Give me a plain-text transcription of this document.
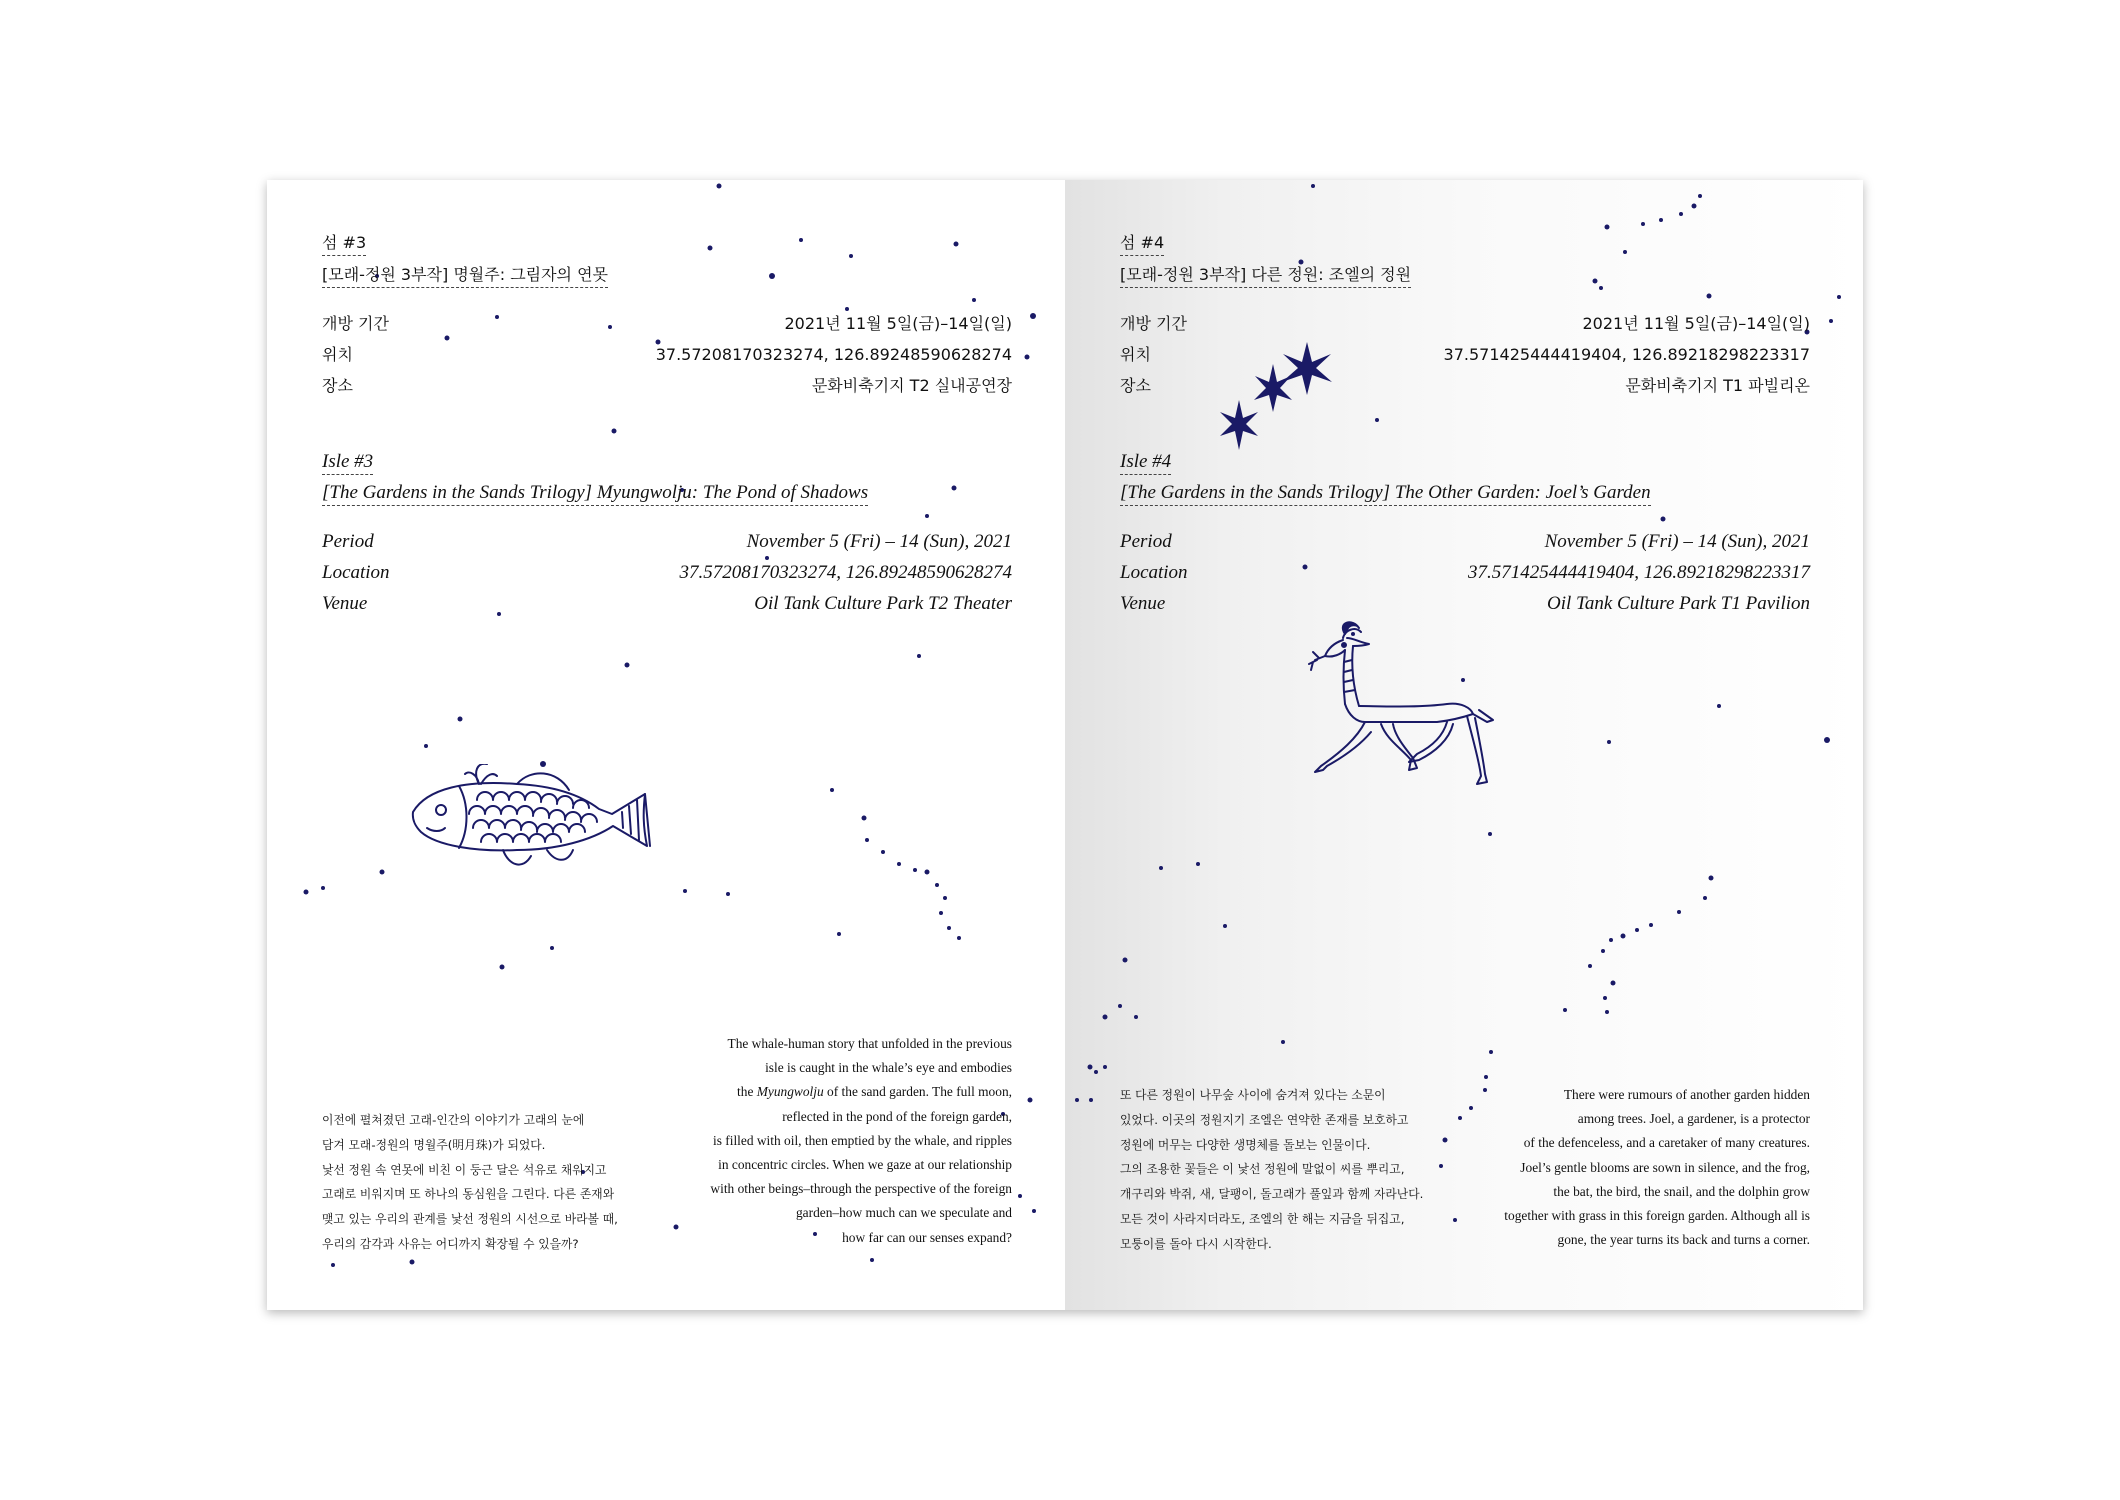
섬 #3
[모래-정원 3부작] 명월주: 그림자의 연못
개방 기간	2021년 11월 5일(금)–14일(일)
위치	37.57208170323274, 126.89248590628274
장소	문화비축기지 T2 실내공연장
Isle #3
[The Gardens in the Sands Trilogy] Myungwolju: The Pond of Shadows
Period	November 5 (Fri) – 14 (Sun), 2021
Location	37.57208170323274, 126.89248590628274
Venue	Oil Tank Culture Park T2 Theater
이전에 펼쳐졌던 고래-인간의 이야기가 고래의 눈에
담겨 모래-정원의 명월주(明月珠)가 되었다.
낯선 정원 속 연못에 비친 이 둥근 달은 석유로 채워지고
고래로 비워지며 또 하나의 동심원을 그린다. 다른 존재와
맺고 있는 우리의 관계를 낯선 정원의 시선으로 바라볼 때,
우리의 감각과 사유는 어디까지 확장될 수 있을까?
The whale-human story that unfolded in the previous
isle is caught in the whale’s eye and embodies
the Myungwolju of the sand garden. The full moon,
reflected in the pond of the foreign garden,
is filled with oil, then emptied by the whale, and ripples
in concentric circles. When we gaze at our relationship
with other beings–through the perspective of the foreign
garden–how much can we speculate and
how far can our senses expand?
섬 #4
[모래-정원 3부작] 다른 정원: 조엘의 정원
개방 기간	2021년 11월 5일(금)–14일(일)
위치	37.571425444419404, 126.89218298223317
장소	문화비축기지 T1 파빌리온
Isle #4
[The Gardens in the Sands Trilogy] The Other Garden: Joel’s Garden
Period	November 5 (Fri) – 14 (Sun), 2021
Location	37.571425444419404, 126.89218298223317
Venue	Oil Tank Culture Park T1 Pavilion
또 다른 정원이 나무숲 사이에 숨겨져 있다는 소문이
있었다. 이곳의 정원지기 조엘은 연약한 존재를 보호하고
정원에 머무는 다양한 생명체를 돌보는 인물이다.
그의 조용한 꽃들은 이 낯선 정원에 말없이 씨를 뿌리고,
개구리와 박쥐, 새, 달팽이, 돌고래가 풀잎과 함께 자라난다.
모든 것이 사라지더라도, 조엘의 한 해는 지금을 뒤집고,
모퉁이를 돌아 다시 시작한다.
There were rumours of another garden hidden
among trees. Joel, a gardener, is a protector
of the defenceless, and a caretaker of many creatures.
Joel’s gentle blooms are sown in silence, and the frog,
the bat, the bird, the snail, and the dolphin grow
together with grass in this foreign garden. Although all is
gone, the year turns its back and turns a corner.
